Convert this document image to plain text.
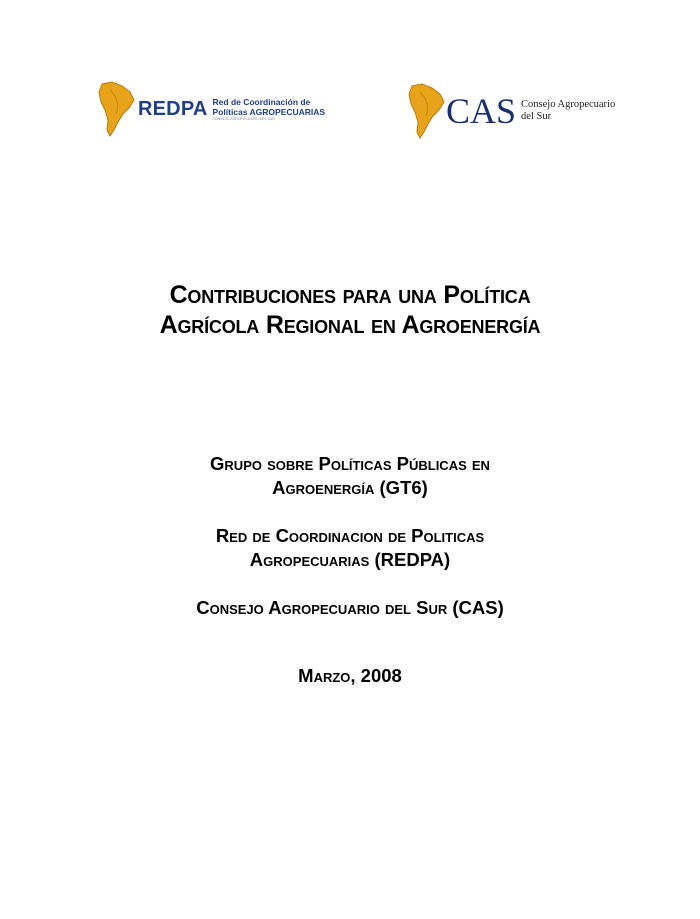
REDPA Red de Coordinación de
Políticas AGROPECUARIAS
CONSEJO AGROPECUARIO DEL SUR	CAS Consejo Agropecuario
del Sur
Contribuciones para una Política
Agrícola Regional en Agroenergía
Grupo sobre Políticas Públicas en
Agroenergía (GT6)
Red de Coordinacion de Politicas
Agropecuarias (REDPA)
Consejo Agropecuario del Sur (CAS)
Marzo, 2008
